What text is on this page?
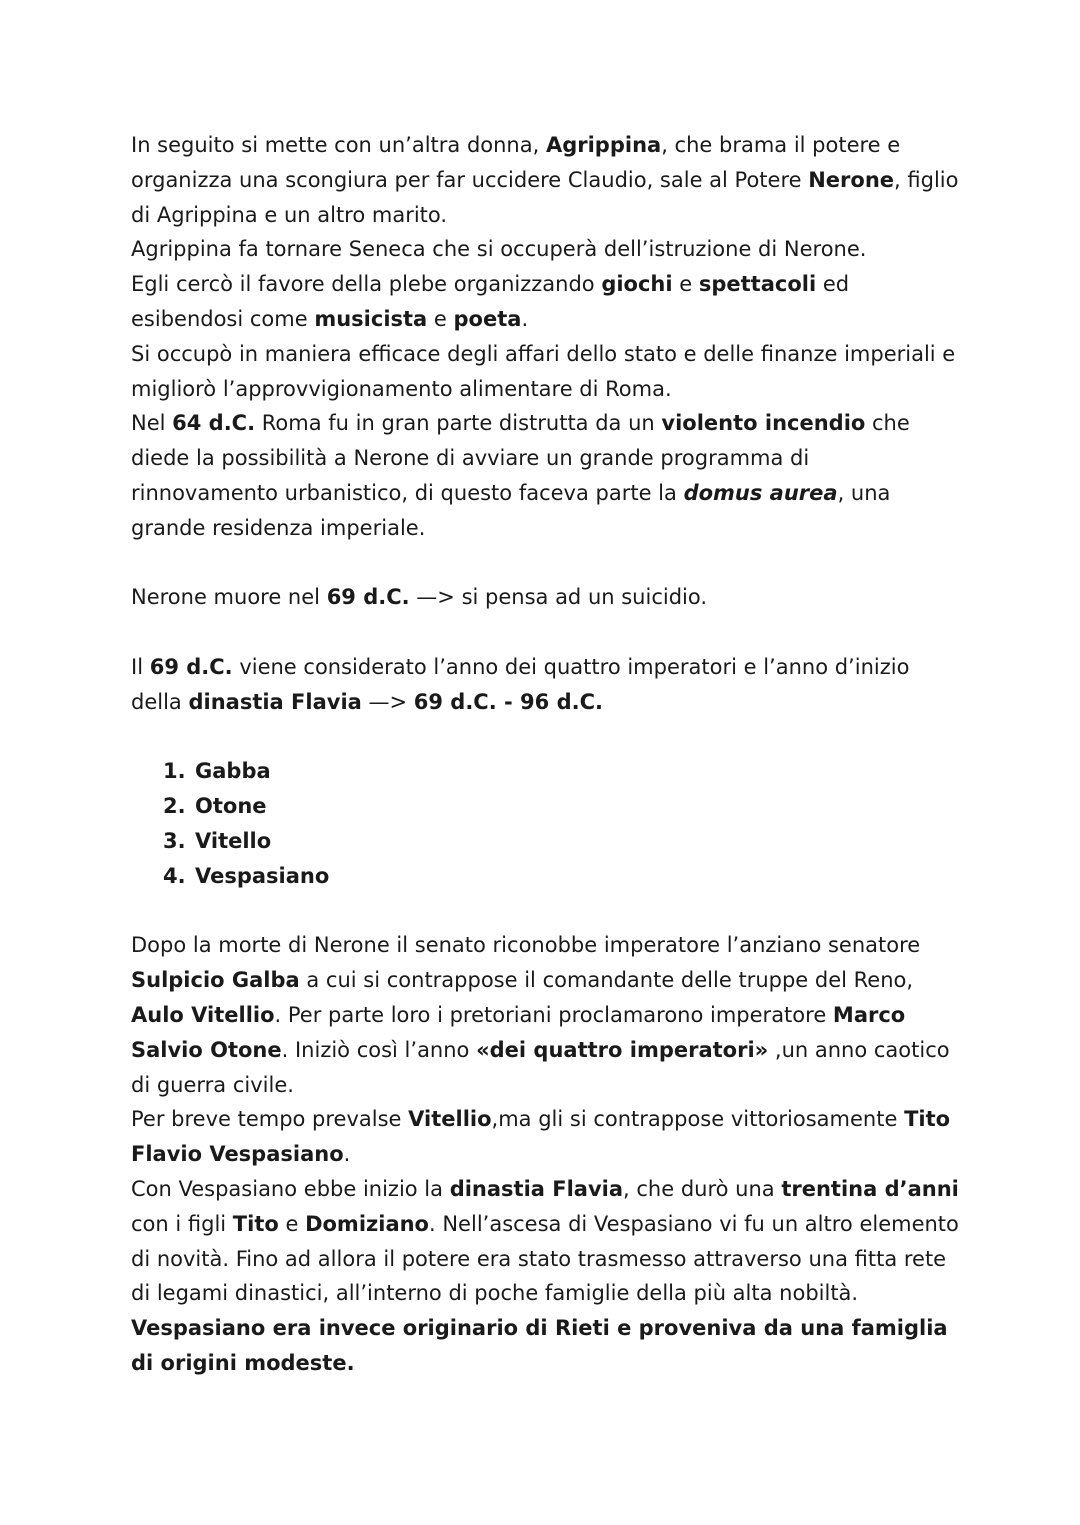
In seguito si mette con un’altra donna, Agrippina, che brama il potere e organizza una scongiura per far uccidere Claudio, sale al Potere Nerone, figlio di Agrippina e un altro marito.

Agrippina fa tornare Seneca che si occuperà dell’istruzione di Nerone.

Egli cercò il favore della plebe organizzando giochi e spettacoli ed esibendosi come musicista e poeta.

Si occupò in maniera efficace degli affari dello stato e delle finanze imperiali e migliorò l’approvvigionamento alimentare di Roma.

Nel 64 d.C. Roma fu in gran parte distrutta da un violento incendio che diede la possibilità a Nerone di avviare un grande programma di rinnovamento urbanistico, di questo faceva parte la domus aurea, una grande residenza imperiale.

Nerone muore nel 69 d.C. —> si pensa ad un suicidio.

Il 69 d.C. viene considerato l’anno dei quattro imperatori e l’anno d’inizio della dinastia Flavia —> 69 d.C. - 96 d.C.

1. Gabba
2. Otone
3. Vitello
4. Vespasiano

Dopo la morte di Nerone il senato riconobbe imperatore l’anziano senatore Sulpicio Galba a cui si contrappose il comandante delle truppe del Reno, Aulo Vitellio. Per parte loro i pretoriani proclamarono imperatore Marco Salvio Otone. Iniziò così l’anno «dei quattro imperatori» ,un anno caotico di guerra civile.

Per breve tempo prevalse Vitellio,ma gli si contrappose vittoriosamente Tito Flavio Vespasiano.

Con Vespasiano ebbe inizio la dinastia Flavia, che durò una trentina d’anni con i figli Tito e Domiziano. Nell’ascesa di Vespasiano vi fu un altro elemento di novità. Fino ad allora il potere era stato trasmesso attraverso una fitta rete di legami dinastici, all’interno di poche famiglie della più alta nobiltà. Vespasiano era invece originario di Rieti e proveniva da una famiglia di origini modeste.
